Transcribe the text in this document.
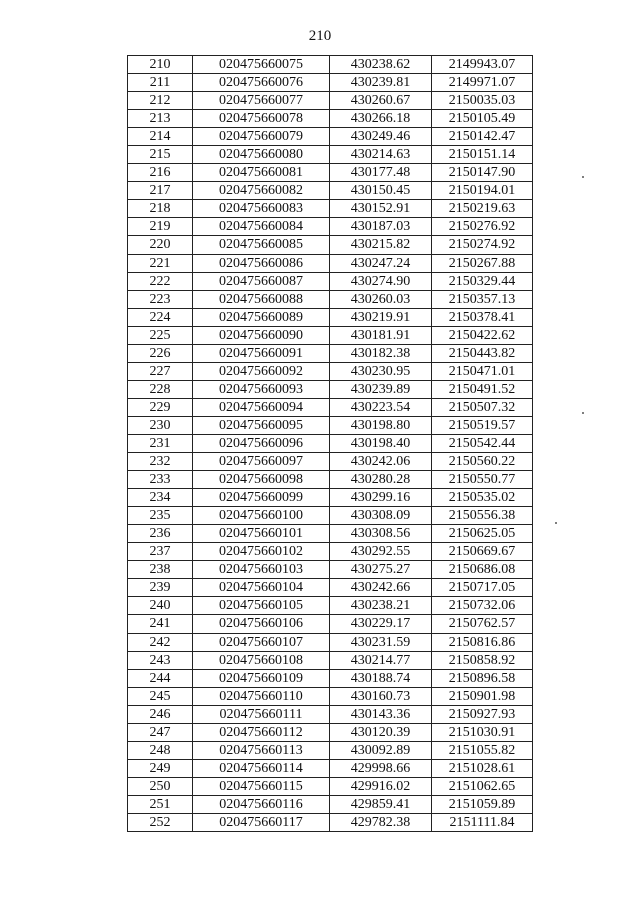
210
210	020475660075	430238.62	2149943.07
211	020475660076	430239.81	2149971.07
212	020475660077	430260.67	2150035.03
213	020475660078	430266.18	2150105.49
214	020475660079	430249.46	2150142.47
215	020475660080	430214.63	2150151.14
216	020475660081	430177.48	2150147.90
217	020475660082	430150.45	2150194.01
218	020475660083	430152.91	2150219.63
219	020475660084	430187.03	2150276.92
220	020475660085	430215.82	2150274.92
221	020475660086	430247.24	2150267.88
222	020475660087	430274.90	2150329.44
223	020475660088	430260.03	2150357.13
224	020475660089	430219.91	2150378.41
225	020475660090	430181.91	2150422.62
226	020475660091	430182.38	2150443.82
227	020475660092	430230.95	2150471.01
228	020475660093	430239.89	2150491.52
229	020475660094	430223.54	2150507.32
230	020475660095	430198.80	2150519.57
231	020475660096	430198.40	2150542.44
232	020475660097	430242.06	2150560.22
233	020475660098	430280.28	2150550.77
234	020475660099	430299.16	2150535.02
235	020475660100	430308.09	2150556.38
236	020475660101	430308.56	2150625.05
237	020475660102	430292.55	2150669.67
238	020475660103	430275.27	2150686.08
239	020475660104	430242.66	2150717.05
240	020475660105	430238.21	2150732.06
241	020475660106	430229.17	2150762.57
242	020475660107	430231.59	2150816.86
243	020475660108	430214.77	2150858.92
244	020475660109	430188.74	2150896.58
245	020475660110	430160.73	2150901.98
246	020475660111	430143.36	2150927.93
247	020475660112	430120.39	2151030.91
248	020475660113	430092.89	2151055.82
249	020475660114	429998.66	2151028.61
250	020475660115	429916.02	2151062.65
251	020475660116	429859.41	2151059.89
252	020475660117	429782.38	2151111.84
